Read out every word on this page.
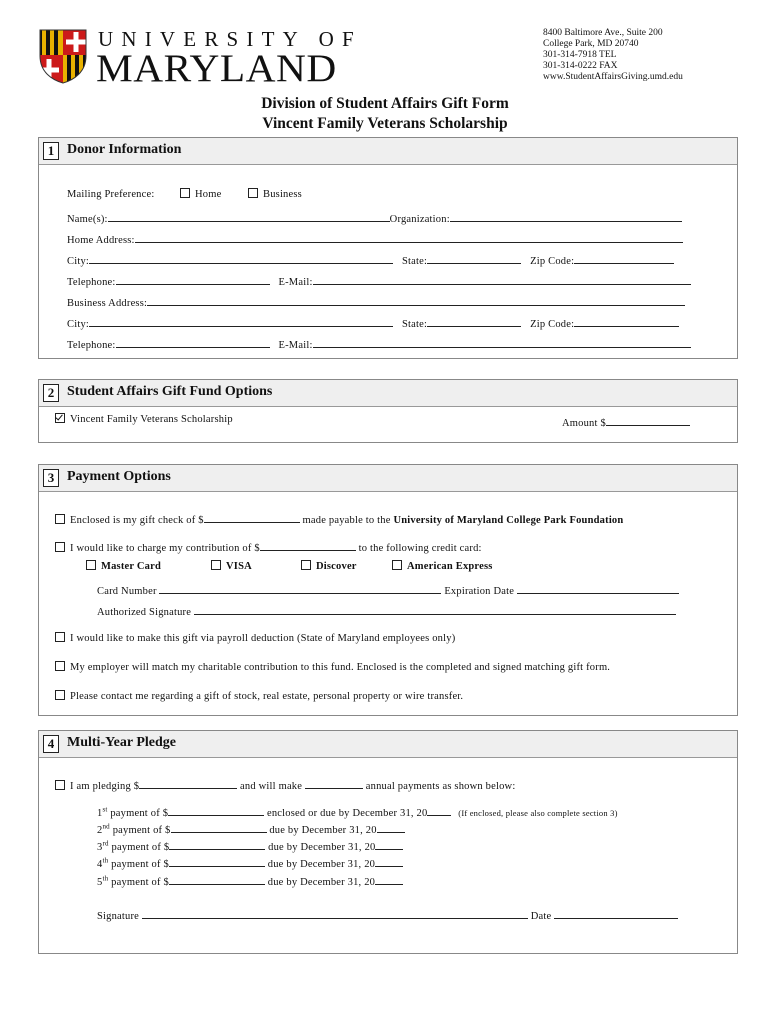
UNIVERSITY OF
MARYLAND
8400 Baltimore Ave., Suite 200
College Park, MD 20740
301-314-7918 TEL
301-314-0222 FAX
www.StudentAffairsGiving.umd.edu
Division of Student Affairs Gift Form
Vincent Family Veterans Scholarship
1 Donor Information
Mailing Preference:	Home	Business
Name(s):	Organization:
Home Address:
City:	State:	Zip Code:
Telephone:	E-Mail:
Business Address:
City:	State:	Zip Code:
Telephone:	E-Mail:
2 Student Affairs Gift Fund Options
Vincent Family Veterans Scholarship	Amount $
3 Payment Options
Enclosed is my gift check of $	made payable to the University of Maryland College Park Foundation
I would like to charge my contribution of $	to the following credit card:
Master Card	VISA	Discover	American Express
Card Number	Expiration Date
Authorized Signature
I would like to make this gift via payroll deduction (State of Maryland employees only)
My employer will match my charitable contribution to this fund. Enclosed is the completed and signed matching gift form.
Please contact me regarding a gift of stock, real estate, personal property or wire transfer.
4 Multi-Year Pledge
I am pledging $	and will make	annual payments as shown below:
1st payment of $	enclosed or due by December 31, 20	(If enclosed, please also complete section 3)
2nd payment of $	due by December 31, 20
3rd payment of $	due by December 31, 20
4th payment of $	due by December 31, 20
5th payment of $	due by December 31, 20
Signature	Date
